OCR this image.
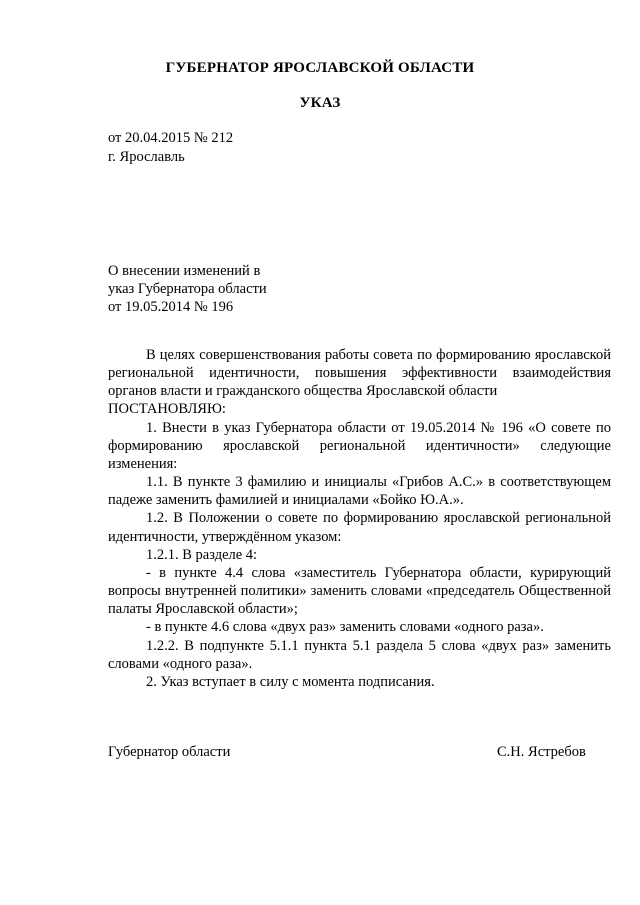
ГУБЕРНАТОР ЯРОСЛАВСКОЙ ОБЛАСТИ
УКАЗ
от 20.04.2015 № 212
г. Ярославль
О внесении изменений в
указ Губернатора области
от 19.05.2014 № 196

В целях совершенствования работы совета по формированию ярославской региональной идентичности, повышения эффективности взаимодействия органов власти и гражданского общества Ярославской области

ПОСТАНОВЛЯЮ:

1. Внести в указ Губернатора области от 19.05.2014 № 196 «О совете по формированию ярославской региональной идентичности» следующие изменения:

1.1. В пункте 3 фамилию и инициалы «Грибов А.С.» в соответствующем падеже заменить фамилией и инициалами «Бойко Ю.А.».

1.2. В Положении о совете по формированию ярославской региональной идентичности, утверждённом указом:

1.2.1. В разделе 4:

- в пункте 4.4 слова «заместитель Губернатора области, курирующий вопросы внутренней политики» заменить словами «председатель Общественной палаты Ярославской области»;

- в пункте 4.6 слова «двух раз» заменить словами «одного раза».

1.2.2. В подпункте 5.1.1 пункта 5.1 раздела 5 слова «двух раз» заменить словами «одного раза».

2. Указ вступает в силу с момента подписания.

Губернатор области	С.Н. Ястребов
